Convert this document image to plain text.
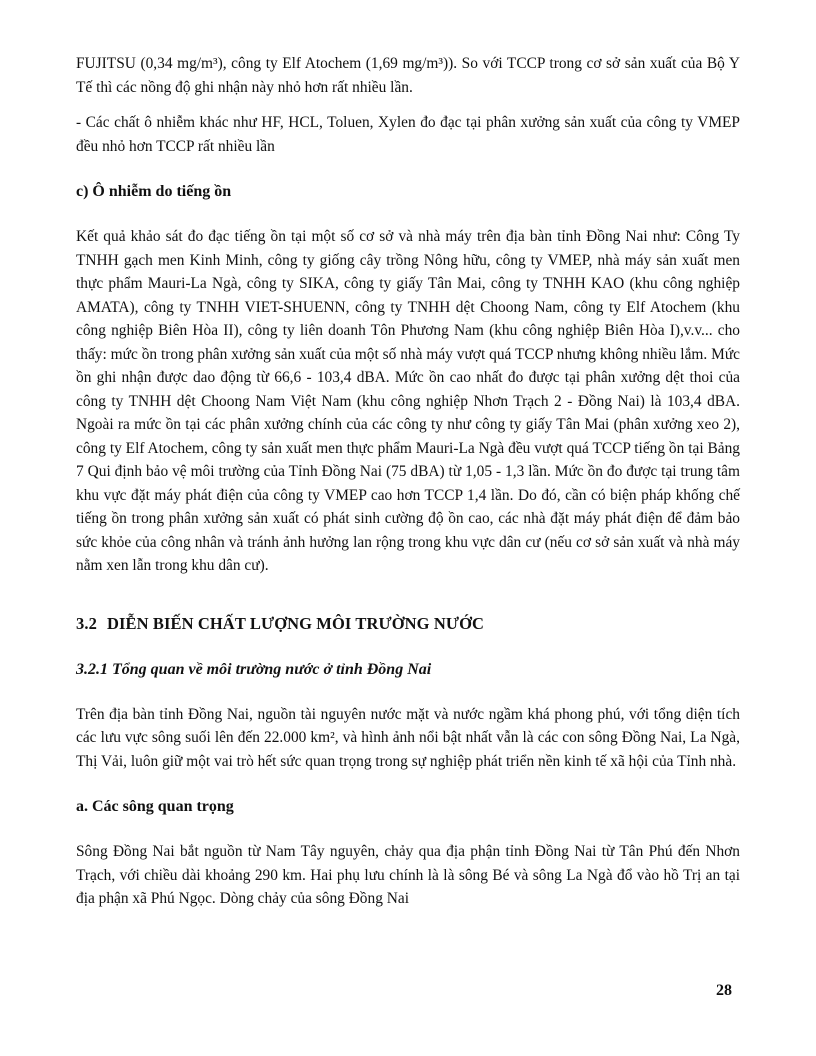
FUJITSU (0,34 mg/m³), công ty Elf Atochem (1,69 mg/m³)). So với TCCP trong cơ sở sản xuất của Bộ Y Tế thì các nồng độ ghi nhận này nhỏ hơn rất nhiều lần.

- Các chất ô nhiễm khác như HF, HCL, Toluen, Xylen đo đạc tại phân xưởng sản xuất của công ty VMEP đều nhỏ hơn TCCP rất nhiều lần

c) Ô nhiễm do tiếng ồn

Kết quả khảo sát đo đạc tiếng ồn tại một số cơ sở và nhà máy trên địa bàn tỉnh Đồng Nai như: Công Ty TNHH gạch men Kinh Minh, công ty giống cây trồng Nông hữu, công ty VMEP, nhà máy sản xuất men thực phẩm Mauri-La Ngà, công ty SIKA, công ty giấy Tân Mai, công ty TNHH KAO (khu công nghiệp AMATA), công ty TNHH VIET-SHUENN, công ty TNHH dệt Choong Nam, công ty Elf Atochem (khu công nghiệp Biên Hòa II), công ty liên doanh Tôn Phương Nam (khu công nghiệp Biên Hòa I),v.v... cho thấy: mức ồn trong phân xưởng sản xuất của một số nhà máy vượt quá TCCP nhưng không nhiều lắm. Mức ồn ghi nhận được dao động từ 66,6 - 103,4 dBA. Mức ồn cao nhất đo được tại phân xưởng dệt thoi của công ty TNHH dệt Choong Nam Việt Nam (khu công nghiệp Nhơn Trạch 2 - Đồng Nai) là 103,4 dBA. Ngoài ra mức ồn tại các phân xưởng chính của các công ty như công ty giấy Tân Mai (phân xưởng xeo 2), công ty Elf Atochem, công ty sản xuất men thực phẩm Mauri-La Ngà đều vượt quá TCCP tiếng ồn tại Bảng 7 Qui định bảo vệ môi trường của Tỉnh Đồng Nai (75 dBA) từ 1,05 - 1,3 lần. Mức ồn đo được tại trung tâm khu vực đặt máy phát điện của công ty VMEP cao hơn TCCP 1,4 lần. Do đó, cần có biện pháp khống chế tiếng ồn trong phân xưởng sản xuất có phát sinh cường độ ồn cao, các nhà đặt máy phát điện để đảm bảo sức khỏe của công nhân và tránh ảnh hưởng lan rộng trong khu vực dân cư (nếu cơ sở sản xuất và nhà máy nằm xen lẫn trong khu dân cư).

3.2 DIỄN BIẾN CHẤT LƯỢNG MÔI TRƯỜNG NƯỚC
3.2.1 Tổng quan về môi trường nước ở tỉnh Đồng Nai

Trên địa bàn tỉnh Đồng Nai, nguồn tài nguyên nước mặt và nước ngầm khá phong phú, với tổng diện tích các lưu vực sông suối lên đến 22.000 km², và hình ảnh nổi bật nhất vẫn là các con sông Đồng Nai, La Ngà, Thị Vải, luôn giữ một vai trò hết sức quan trọng trong sự nghiệp phát triển nền kinh tế xã hội của Tỉnh nhà.

a. Các sông quan trọng

Sông Đồng Nai bắt nguồn từ Nam Tây nguyên, chảy qua địa phận tỉnh Đồng Nai từ Tân Phú đến Nhơn Trạch, với chiều dài khoảng 290 km. Hai phụ lưu chính là là sông Bé và sông La Ngà đổ vào hồ Trị an tại địa phận xã Phú Ngọc. Dòng chảy của sông Đồng Nai

28
